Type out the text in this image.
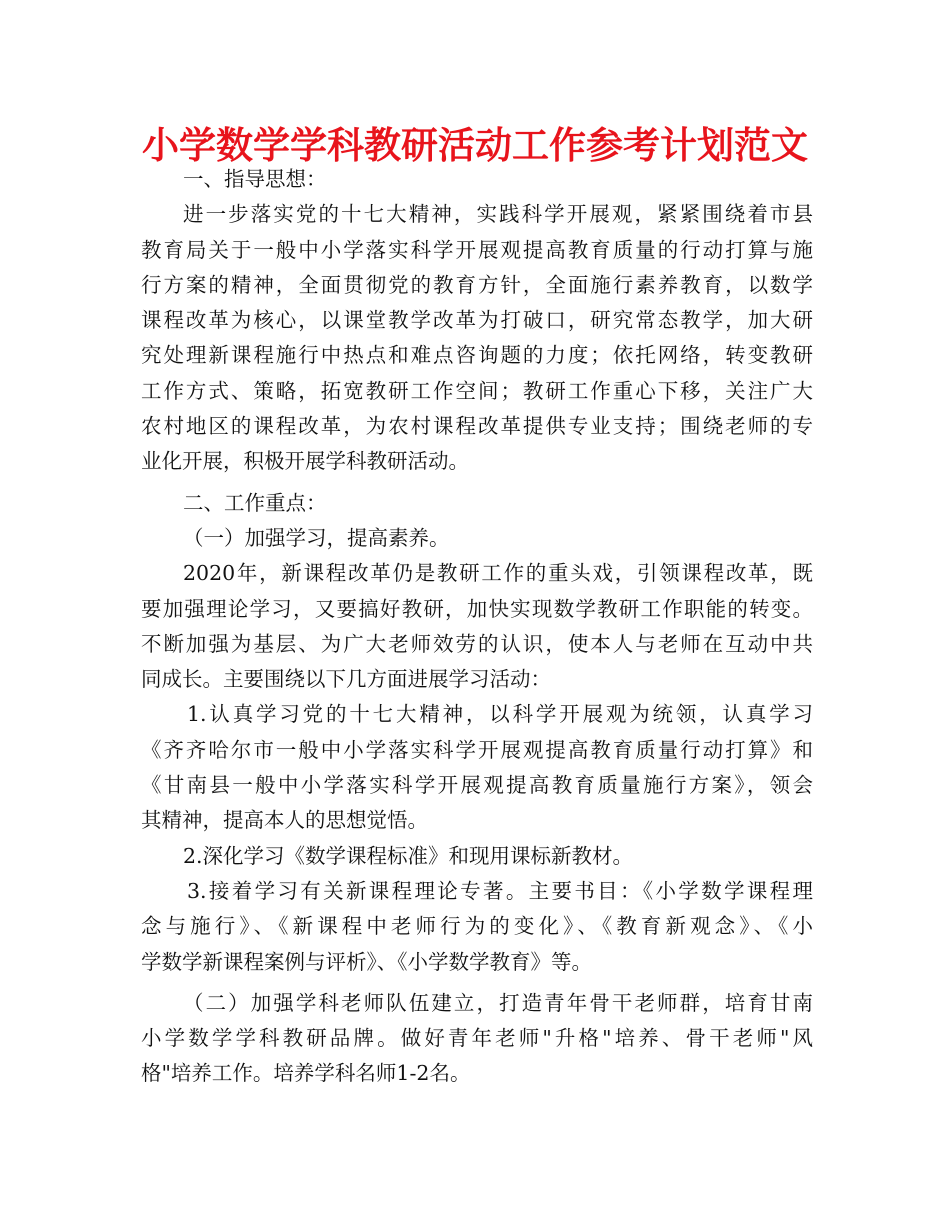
小学数学学科教研活动工作参考计划范文
一、指导思想：
进一步落实党的十七大精神，实践科学开展观，紧紧围绕着市县
教育局关于一般中小学落实科学开展观提高教育质量的行动打算与施
行方案的精神，全面贯彻党的教育方针，全面施行素养教育，以数学
课程改革为核心，以课堂教学改革为打破口，研究常态教学，加大研
究处理新课程施行中热点和难点咨询题的力度；依托网络，转变教研
工作方式、策略，拓宽教研工作空间；教研工作重心下移，关注广大
农村地区的课程改革，为农村课程改革提供专业支持；围绕老师的专
业化开展，积极开展学科教研活动。
二、工作重点：
（一）加强学习，提高素养。
2020年，新课程改革仍是教研工作的重头戏，引领课程改革，既
要加强理论学习，又要搞好教研，加快实现数学教研工作职能的转变。
不断加强为基层、为广大老师效劳的认识，使本人与老师在互动中共
同成长。主要围绕以下几方面进展学习活动：
1.认真学习党的十七大精神，以科学开展观为统领，认真学习
《齐齐哈尔市一般中小学落实科学开展观提高教育质量行动打算》和
《甘南县一般中小学落实科学开展观提高教育质量施行方案》，领会
其精神，提高本人的思想觉悟。
2.深化学习《数学课程标准》和现用课标新教材。
3.接着学习有关新课程理论专著。主要书目：《小学数学课程理
念与施行》、《新课程中老师行为的变化》、《教育新观念》、《小
学数学新课程案例与评析》、《小学数学教育》等。
（二）加强学科老师队伍建立，打造青年骨干老师群，培育甘南
小学数学学科教研品牌。做好青年老师"升格"培养、骨干老师"风
格"培养工作。培养学科名师1-2名。
